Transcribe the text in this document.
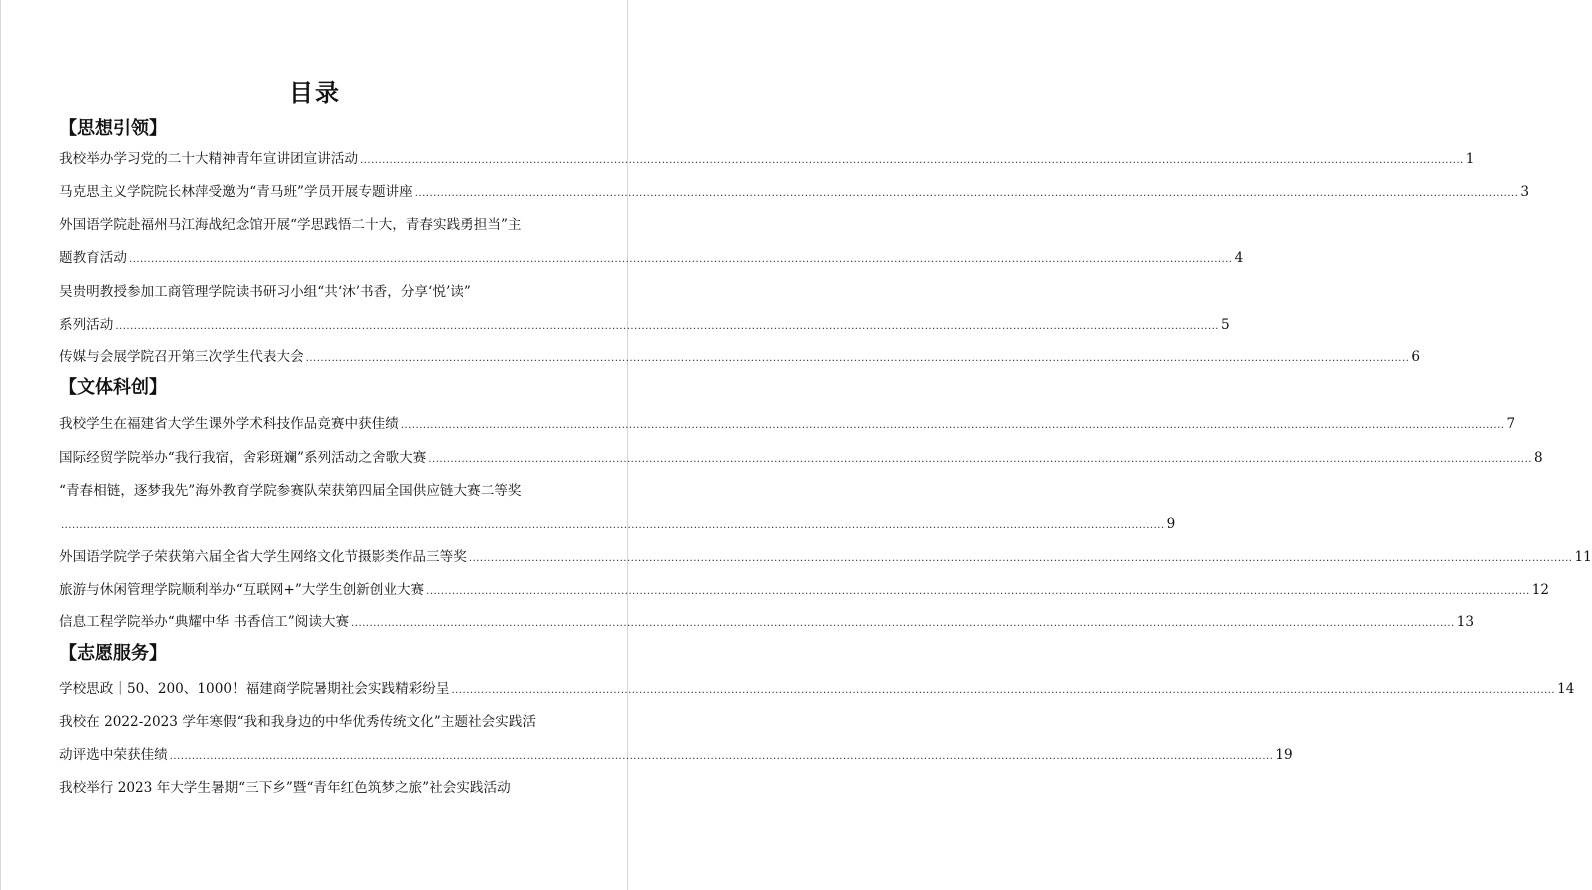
目录
【思想引领】
我校举办学习党的二十大精神青年宣讲团宣讲活动 ............................................................................................................................................................................................................................................................................................................ 1
马克思主义学院院长林萍受邀为“青马班”学员开展专题讲座 ............................................................................................................................................................................................................................................................................................................ 3
外国语学院赴福州马江海战纪念馆开展“学思践悟二十大，青春实践勇担当”主
题教育活动 ............................................................................................................................................................................................................................................................................................................ 4
吴贵明教授参加工商管理学院读书研习小组“共‘沐’书香，分享‘悦’读”
系列活动 ............................................................................................................................................................................................................................................................................................................ 5
传媒与会展学院召开第三次学生代表大会 ............................................................................................................................................................................................................................................................................................................ 6
【文体科创】
我校学生在福建省大学生课外学术科技作品竞赛中获佳绩 ............................................................................................................................................................................................................................................................................................................ 7
国际经贸学院举办“我行我宿，舍彩斑斓”系列活动之舍歌大赛 ............................................................................................................................................................................................................................................................................................................ 8
“青春相链，逐梦我先”海外教育学院参赛队荣获第四届全国供应链大赛二等奖
............................................................................................................................................................................................................................................................................................................ 9
外国语学院学子荣获第六届全省大学生网络文化节摄影类作品三等奖 ............................................................................................................................................................................................................................................................................................................ 11
旅游与休闲管理学院顺利举办“互联网+”大学生创新创业大赛 ............................................................................................................................................................................................................................................................................................................ 12
信息工程学院举办“典耀中华 书香信工”阅读大赛 ............................................................................................................................................................................................................................................................................................................ 13
【志愿服务】
学校思政｜50、200、1000！福建商学院暑期社会实践精彩纷呈 ............................................................................................................................................................................................................................................................................................................ 14
我校在 2022-2023 学年寒假“我和我身边的中华优秀传统文化”主题社会实践活
动评选中荣获佳绩 ............................................................................................................................................................................................................................................................................................................ 19
我校举行 2023 年大学生暑期“三下乡”暨“青年红色筑梦之旅”社会实践活动
